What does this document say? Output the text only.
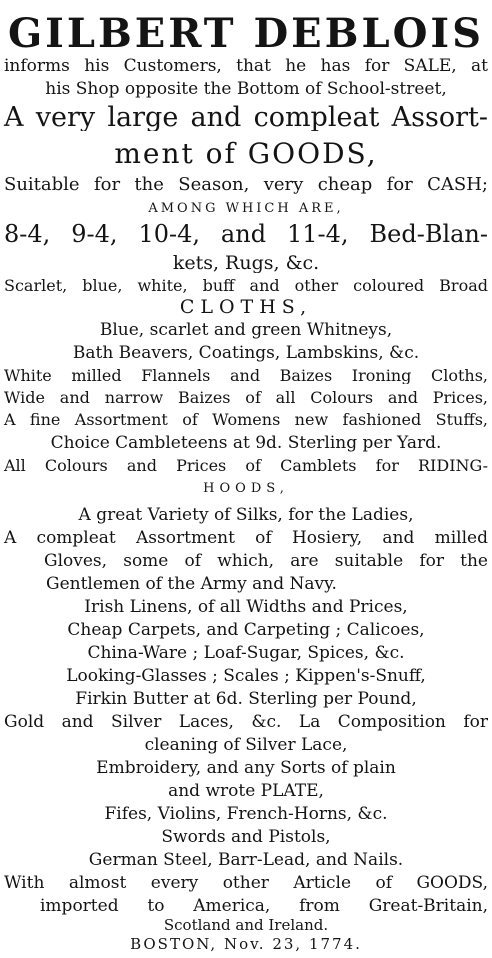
GILBERT DEBLOIS

informs his Customers, that he has for SALE, at

his Shop opposite the Bottom of School-street,

A very large and compleat Assort-

ment of GOODS,

Suitable for the Season, very cheap for CASH;

AMONG WHICH ARE,

8-4, 9-4, 10-4, and 11-4, Bed-Blan-

kets, Rugs, &c.

Scarlet, blue, white, buff and other coloured Broad

CLOTHS,

Blue, scarlet and green Whitneys,

Bath Beavers, Coatings, Lambskins, &c.

White milled Flannels and Baizes Ironing Cloths,

Wide and narrow Baizes of all Colours and Prices,

A fine Assortment of Womens new fashioned Stuffs,

Choice Cambleteens at 9d. Sterling per Yard.

All Colours and Prices of Camblets for RIDING-

HOODS,

A great Variety of Silks, for the Ladies,

A compleat Assortment of Hosiery, and milled

Gloves, some of which, are suitable for the

Gentlemen of the Army and Navy.

Irish Linens, of all Widths and Prices,

Cheap Carpets, and Carpeting ; Calicoes,

China-Ware ; Loaf-Sugar, Spices, &c.

Looking-Glasses ; Scales ; Kippen's-Snuff,

Firkin Butter at 6d. Sterling per Pound,

Gold and Silver Laces, &c. La Composition for

cleaning of Silver Lace,

Embroidery, and any Sorts of plain

and wrote PLATE,

Fifes, Violins, French-Horns, &c.

Swords and Pistols,

German Steel, Barr-Lead, and Nails.

With almost every other Article of GOODS,

imported to America, from Great-Britain,

Scotland and Ireland.

BOSTON, Nov. 23, 1774.
